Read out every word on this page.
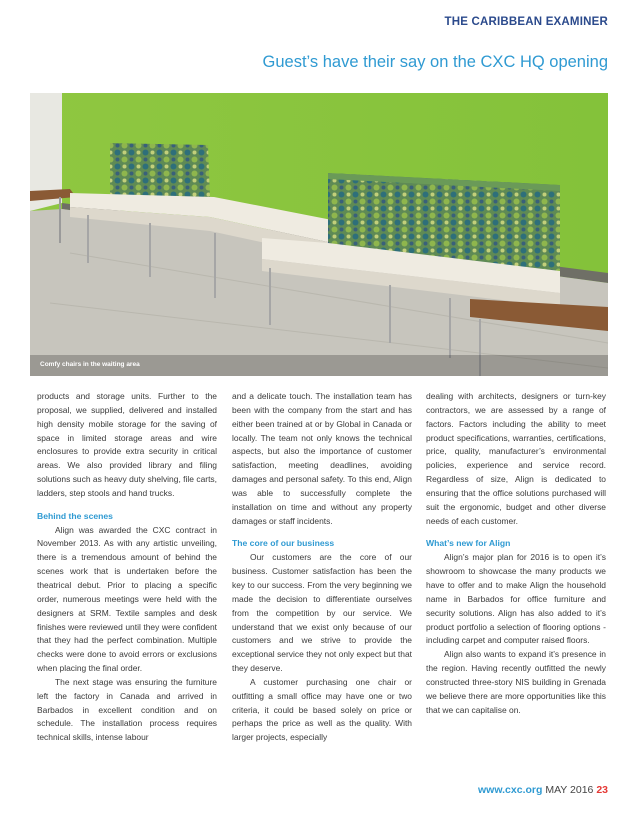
THE CARIBBEAN EXAMINER
Guest’s have their say on the CXC HQ opening
Comfy chairs in the waiting area

products and storage units. Further to the proposal, we supplied, delivered and installed high density mobile storage for the saving of space in limited storage areas and wire enclosures to provide extra security in critical areas. We also provided library and filing solutions such as heavy duty shelving, file carts, ladders, step stools and hand trucks.

Behind the scenes

Align was awarded the CXC contract in November 2013. As with any artistic unveiling, there is a tremendous amount of behind the scenes work that is undertaken before the theatrical debut. Prior to placing a specific order, numerous meetings were held with the designers at SRM. Textile samples and desk finishes were reviewed until they were confident that they had the perfect combination. Multiple checks were done to avoid errors or exclusions when placing the final order.

The next stage was ensuring the furniture left the factory in Canada and arrived in Barbados in excellent condition and on schedule. The installation process requires technical skills, intense labour

and a delicate touch. The installation team has been with the company from the start and has either been trained at or by Global in Canada or locally. The team not only knows the technical aspects, but also the importance of customer satisfaction, meeting deadlines, avoiding damages and personal safety. To this end, Align was able to successfully complete the installation on time and without any property damages or staff incidents.

The core of our business

Our customers are the core of our business. Customer satisfaction has been the key to our success. From the very beginning we made the decision to differentiate ourselves from the competition by our service. We understand that we exist only because of our customers and we strive to provide the exceptional service they not only expect but that they deserve.

A customer purchasing one chair or outfitting a small office may have one or two criteria, it could be based solely on price or perhaps the price as well as the quality. With larger projects, especially

dealing with architects, designers or turn-key contractors, we are assessed by a range of factors. Factors including the ability to meet product specifications, warranties, certifications, price, quality, manufacturer’s environmental policies, experience and service record. Regardless of size, Align is dedicated to ensuring that the office solutions purchased will suit the ergonomic, budget and other diverse needs of each customer.

What’s new for Align

Align’s major plan for 2016 is to open it’s showroom to showcase the many products we have to offer and to make Align the household name in Barbados for office furniture and security solutions. Align has also added to it’s product portfolio a selection of flooring options - including carpet and computer raised floors.

Align also wants to expand it’s presence in the region. Having recently outfitted the newly constructed three-story NIS building in Grenada we believe there are more opportunities like this that we can capitalise on.

www.cxc.org MAY 2016 23
